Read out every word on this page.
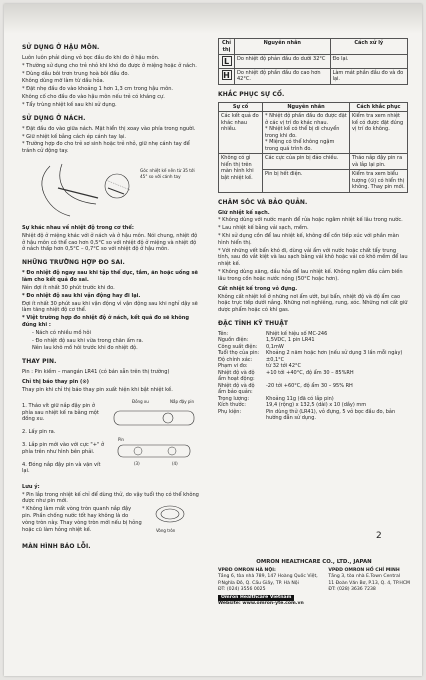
SỬ DỤNG Ở HẬU MÔN.

Luôn luôn phải dùng vỏ bọc đầu đo khi đo ở hậu môn.

* Thường sử dụng cho trẻ nhỏ khi khó đo được ở miệng hoặc ở nách.

* Dùng dầu bôi trơn trung hoà bôi đầu đo.

Không dùng mỡ làm từ dầu hỏa.

* Đặt nhẹ đầu đo vào khoảng 1 hơn 1,3 cm trong hậu môn.

Không cố cho đầu đo vào hậu môn nếu trẻ có kháng cự.

* Tẩy trùng nhiệt kế sau khi sử dụng.

SỬ DỤNG Ở NÁCH.

* Đặt đầu đo vào giữa nách. Mặt hiển thị xoay vào phía trong người.

* Giữ nhiệt kế bằng cách ép cánh tay lại.

* Trường hợp đo cho trẻ sơ sinh hoặc trẻ nhỏ, giữ nhẹ cánh tay để tránh cử động tay.

Góc nhiệt kế nên từ 35 tới 45° so với cánh tay
Sự khác nhau về nhiệt độ trong cơ thể:

Nhiệt độ ở miệng khác với ở nách và ở hậu môn. Nói chung, nhiệt độ ở hậu môn có thể cao hơn 0,5°C so với nhiệt độ ở miệng và nhiệt độ ở nách thấp hơn 0,5°C – 0,7°C so với nhiệt độ ở hậu môn.

NHỮNG TRƯỜNG HỢP ĐO SAI.

* Đo nhiệt độ ngay sau khi tập thể dục, tắm, ăn hoặc uống sẽ làm cho kết quả đo sai.

Nên đợi ít nhất 30 phút trước khi đo.

* Đo nhiệt độ sau khi vận động hay đi lại.

Đợi ít nhất 30 phút sau khi vận động vì vận động sau khi nghỉ dậy sẽ làm tăng nhiệt độ cơ thể.

* Việt trường hợp đo nhiệt độ ở nách, kết quả đo sẽ không đúng khi :

- Nách có nhiều mồ hôi

- Đo nhiệt độ sau khi vừa trong chăn ấm ra.

Nên lau khô mồ hôi trước khi đo nhiệt độ.

THAY PIN.

Pin : Pin kiềm – mangán LR41 (có bán sẵn trên thị trường)

Chỉ thị báo thay pin (⊙)

Thay pin khi chỉ thị báo thay pin xuất hiện khi bật nhiệt kế.

1. Tháo vít giữ nắp đậy pin ở phía sau nhiệt kế ra bằng một đồng xu.

2. Lấy pin ra.

3. Lắp pin mới vào với cực "+" ở phía trên như hình bên phải.

4. Đóng nắp đậy pin và vặn vít lại.

Đồng xu	Nắp đậy pin
Pin
(3)	(4)
Lưu ý:

* Pin lắp trong nhiệt kế chỉ để dùng thử, do vậy tuổi thọ có thể không được như pin mới.

* Không làm mất vòng tròn quanh nắp đậy pin. Phần chống nước tốt hay không là do vòng tròn này. Thay vòng tròn mới nếu bị hỏng hoặc cũ làm hỏng nhiệt kế.	Vòng tròn
MÀN HÌNH BÁO LỖI.
Chỉ thị	Nguyên nhân	Cách xử lý
L	Do nhiệt độ phản đầu đo dưới 32°C	Đo lại.
H	Do nhiệt độ phần đầu đo cao hơn 42°C.	Làm mát phần đầu đo và đo lại.
KHẮC PHỤC SỰ CỐ.
Sự cố	Nguyên nhân	Cách khắc phục
Các kết quả đo khác nhau nhiều.	* Nhiệt độ phần đầu đo được đặt ở các vị trí đo khác nhau.
* Nhiệt kế có thể bị di chuyển trong khi đo.
* Miệng có thể không ngậm trong quá trình đo.	Kiểm tra xem nhiệt kế có được đặt đúng vị trí đo không.
Không có gì hiển thị trên màn hình khi bật nhiệt kế.	Các cực của pin bị đảo chiều.	Tháo nắp đậy pin ra và lắp lại pin.
	Pin bị hết điện.	Kiểm tra xem biểu tượng (⊙) có hiển thị không. Thay pin mới.
CHĂM SÓC VÀ BẢO QUẢN.
Giữ nhiệt kế sạch.

* Không dùng với nước mạnh để rửa hoặc ngâm nhiệt kế lâu trong nước.

* Lau nhiệt kế bằng vải sạch, mềm.

* Khi sử dụng cồn để lau nhiệt kế, không để cồn tiếp xúc với phần màn hình hiển thị.

* Với những vết bẩn khó đi, dùng vải ẩm với nước hoặc chất tẩy trung tính, sau đó vắt kiệt và lau sạch bằng vải khô hoặc vải có khô mềm để lau nhiệt kế.

* Không dùng xăng, dầu hỏa để lau nhiệt kế. Không ngâm đầu cảm biến lâu trong cồn hoặc nước nóng (50°C hoặc hơn).

Cất nhiệt kế trong vỏ đựng.

Không cất nhiệt kế ở những nơi ẩm ướt, bụi bẩn, nhiệt độ và độ ẩm cao hoặc trực tiếp dưới nắng. Những nơi nghiêng, rung, xóc. Những nơi cất giữ dược phẩm hoặc có khí gas.

ĐẶC TÍNH KỸ THUẬT
Tên:	Nhiệt kế hiệu số MC-246
Nguồn điện:	1,5VDC, 1 pin LR41
Công suất điện:	0,1mW
Tuổi thọ của pin:	Khoảng 2 năm hoặc hơn (nếu sử dụng 3 lần mỗi ngày)
Độ chính xác:	±0,1°C
Phạm vi đo:	từ 32 tới 42°C
Nhiệt độ và độ ẩm hoạt động:	+10 tới +40°C, độ ẩm 30 – 85%RH
Nhiệt độ và độ ẩm bảo quản:	-20 tới +60°C, độ ẩm 30 – 95% RH
Trọng lượng:	Khoảng 11g (đã có lắp pin)
Kích thước:	19,4 (rộng) x 132,5 (dài) x 10 (dầy) mm
Phụ kiện:	Pin dùng thử (LR41), vỏ đựng, 5 vỏ bọc đầu đo, bản hướng dẫn sử dụng.
2
OMRON HEALTHCARE CO., LTD., JAPAN
VPĐD OMRON HÀ NỘI:
Tầng 6, tòa nhà 789, 147 Hoàng Quốc Việt,
P.Nghĩa Đô, Q. Cầu Giấy, TP. Hà Nội
ĐT: (024) 3556 0025
VPĐD OMRON HỒ CHÍ MINH
Tầng 3, tòa nhà E.Town Central
11 Đoàn Văn Bơ, P.13, Q. 4, TP.HCM
ĐT: (028) 3636 7238
Omron Healthcare Vietnam
Website: www.omron-yte.com.vn
